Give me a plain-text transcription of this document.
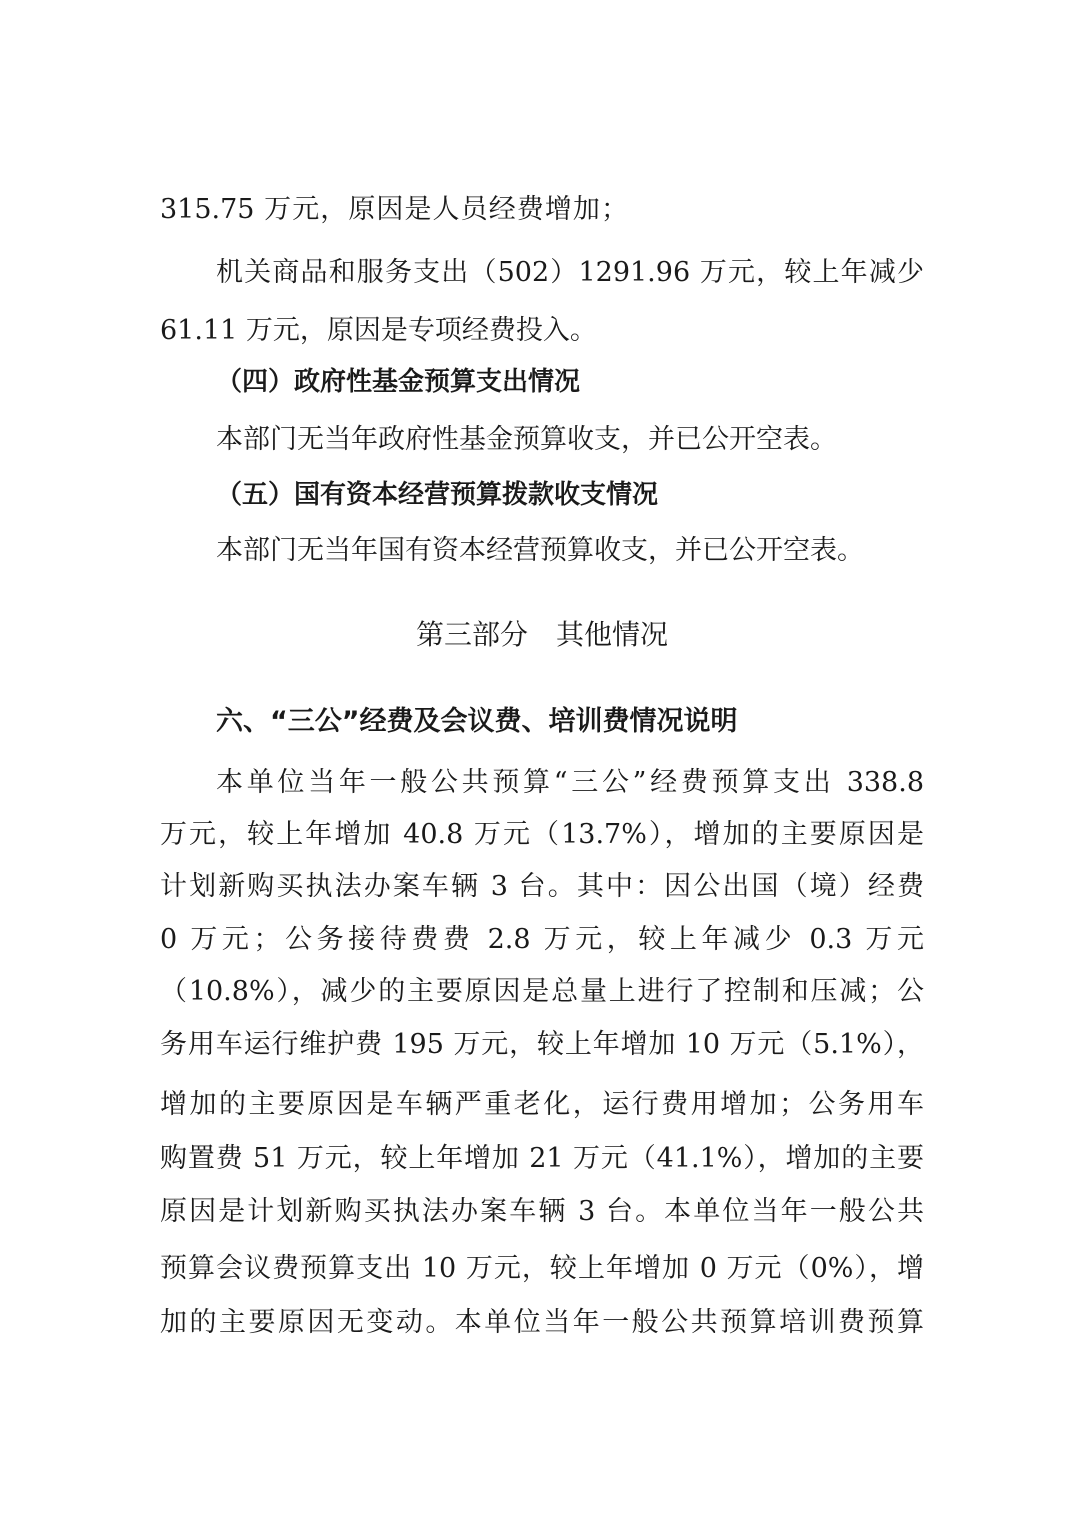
315.75 万元，原因是人员经费增加；
机关商品和服务支出（502）1291.96 万元，较上年减少
61.11 万元，原因是专项经费投入。
（四）政府性基金预算支出情况
本部门无当年政府性基金预算收支，并已公开空表。
（五）国有资本经营预算拨款收支情况
本部门无当年国有资本经营预算收支，并已公开空表。
第三部分　其他情况
六、“三公”经费及会议费、培训费情况说明
本单位当年一般公共预算“三公”经费预算支出 338.8
万元，较上年增加 40.8 万元（13.7%），增加的主要原因是
计划新购买执法办案车辆 3 台。其中：因公出国（境）经费
0 万元；公务接待费费 2.8 万元，较上年减少 0.3 万元
（10.8%），减少的主要原因是总量上进行了控制和压减；公
务用车运行维护费 195 万元，较上年增加 10 万元（5.1%），
增加的主要原因是车辆严重老化，运行费用增加；公务用车
购置费 51 万元，较上年增加 21 万元（41.1%），增加的主要
原因是计划新购买执法办案车辆 3 台。本单位当年一般公共
预算会议费预算支出 10 万元，较上年增加 0 万元（0%），增
加的主要原因无变动。本单位当年一般公共预算培训费预算
